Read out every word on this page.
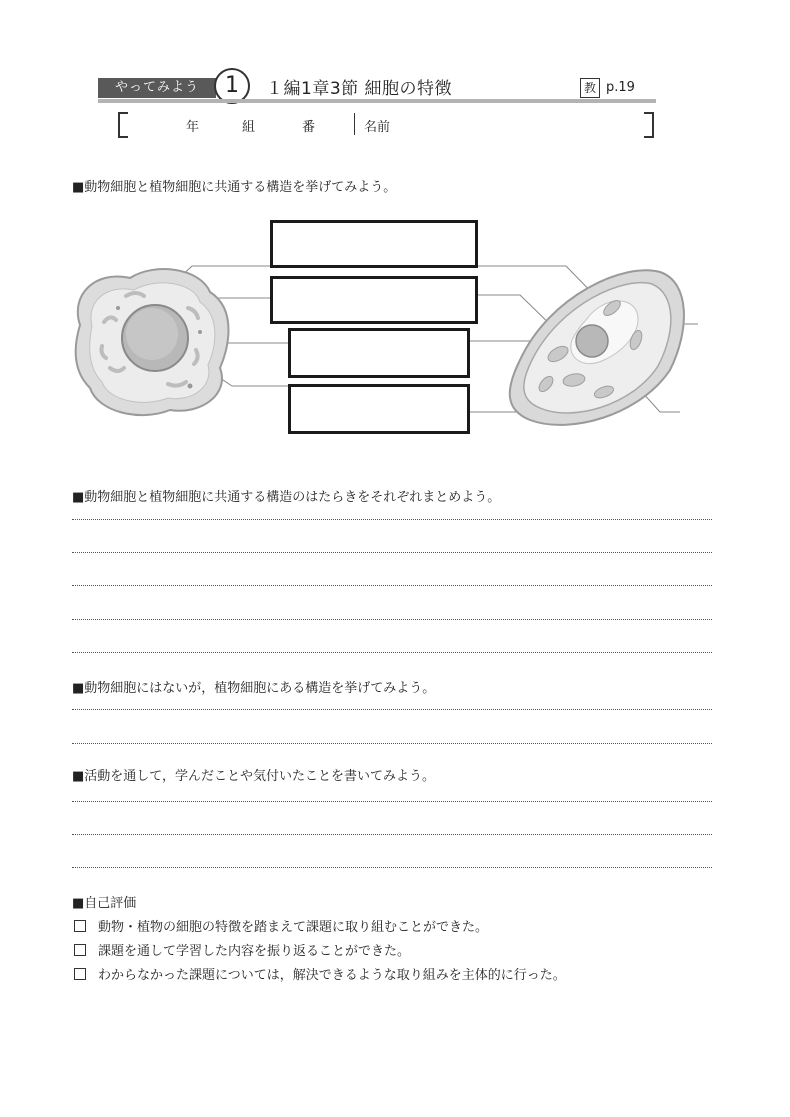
やってみよう	1	１編1章3節 細胞の特徴	教 p.19
年	組	番	名前
■動物細胞と植物細胞に共通する構造を挙げてみよう。
■動物細胞と植物細胞に共通する構造のはたらきをそれぞれまとめよう。
■動物細胞にはないが，植物細胞にある構造を挙げてみよう。
■活動を通して，学んだことや気付いたことを書いてみよう。
■自己評価
動物・植物の細胞の特徴を踏まえて課題に取り組むことができた。
課題を通して学習した内容を振り返ることができた。
わからなかった課題については，解決できるような取り組みを主体的に行った。
